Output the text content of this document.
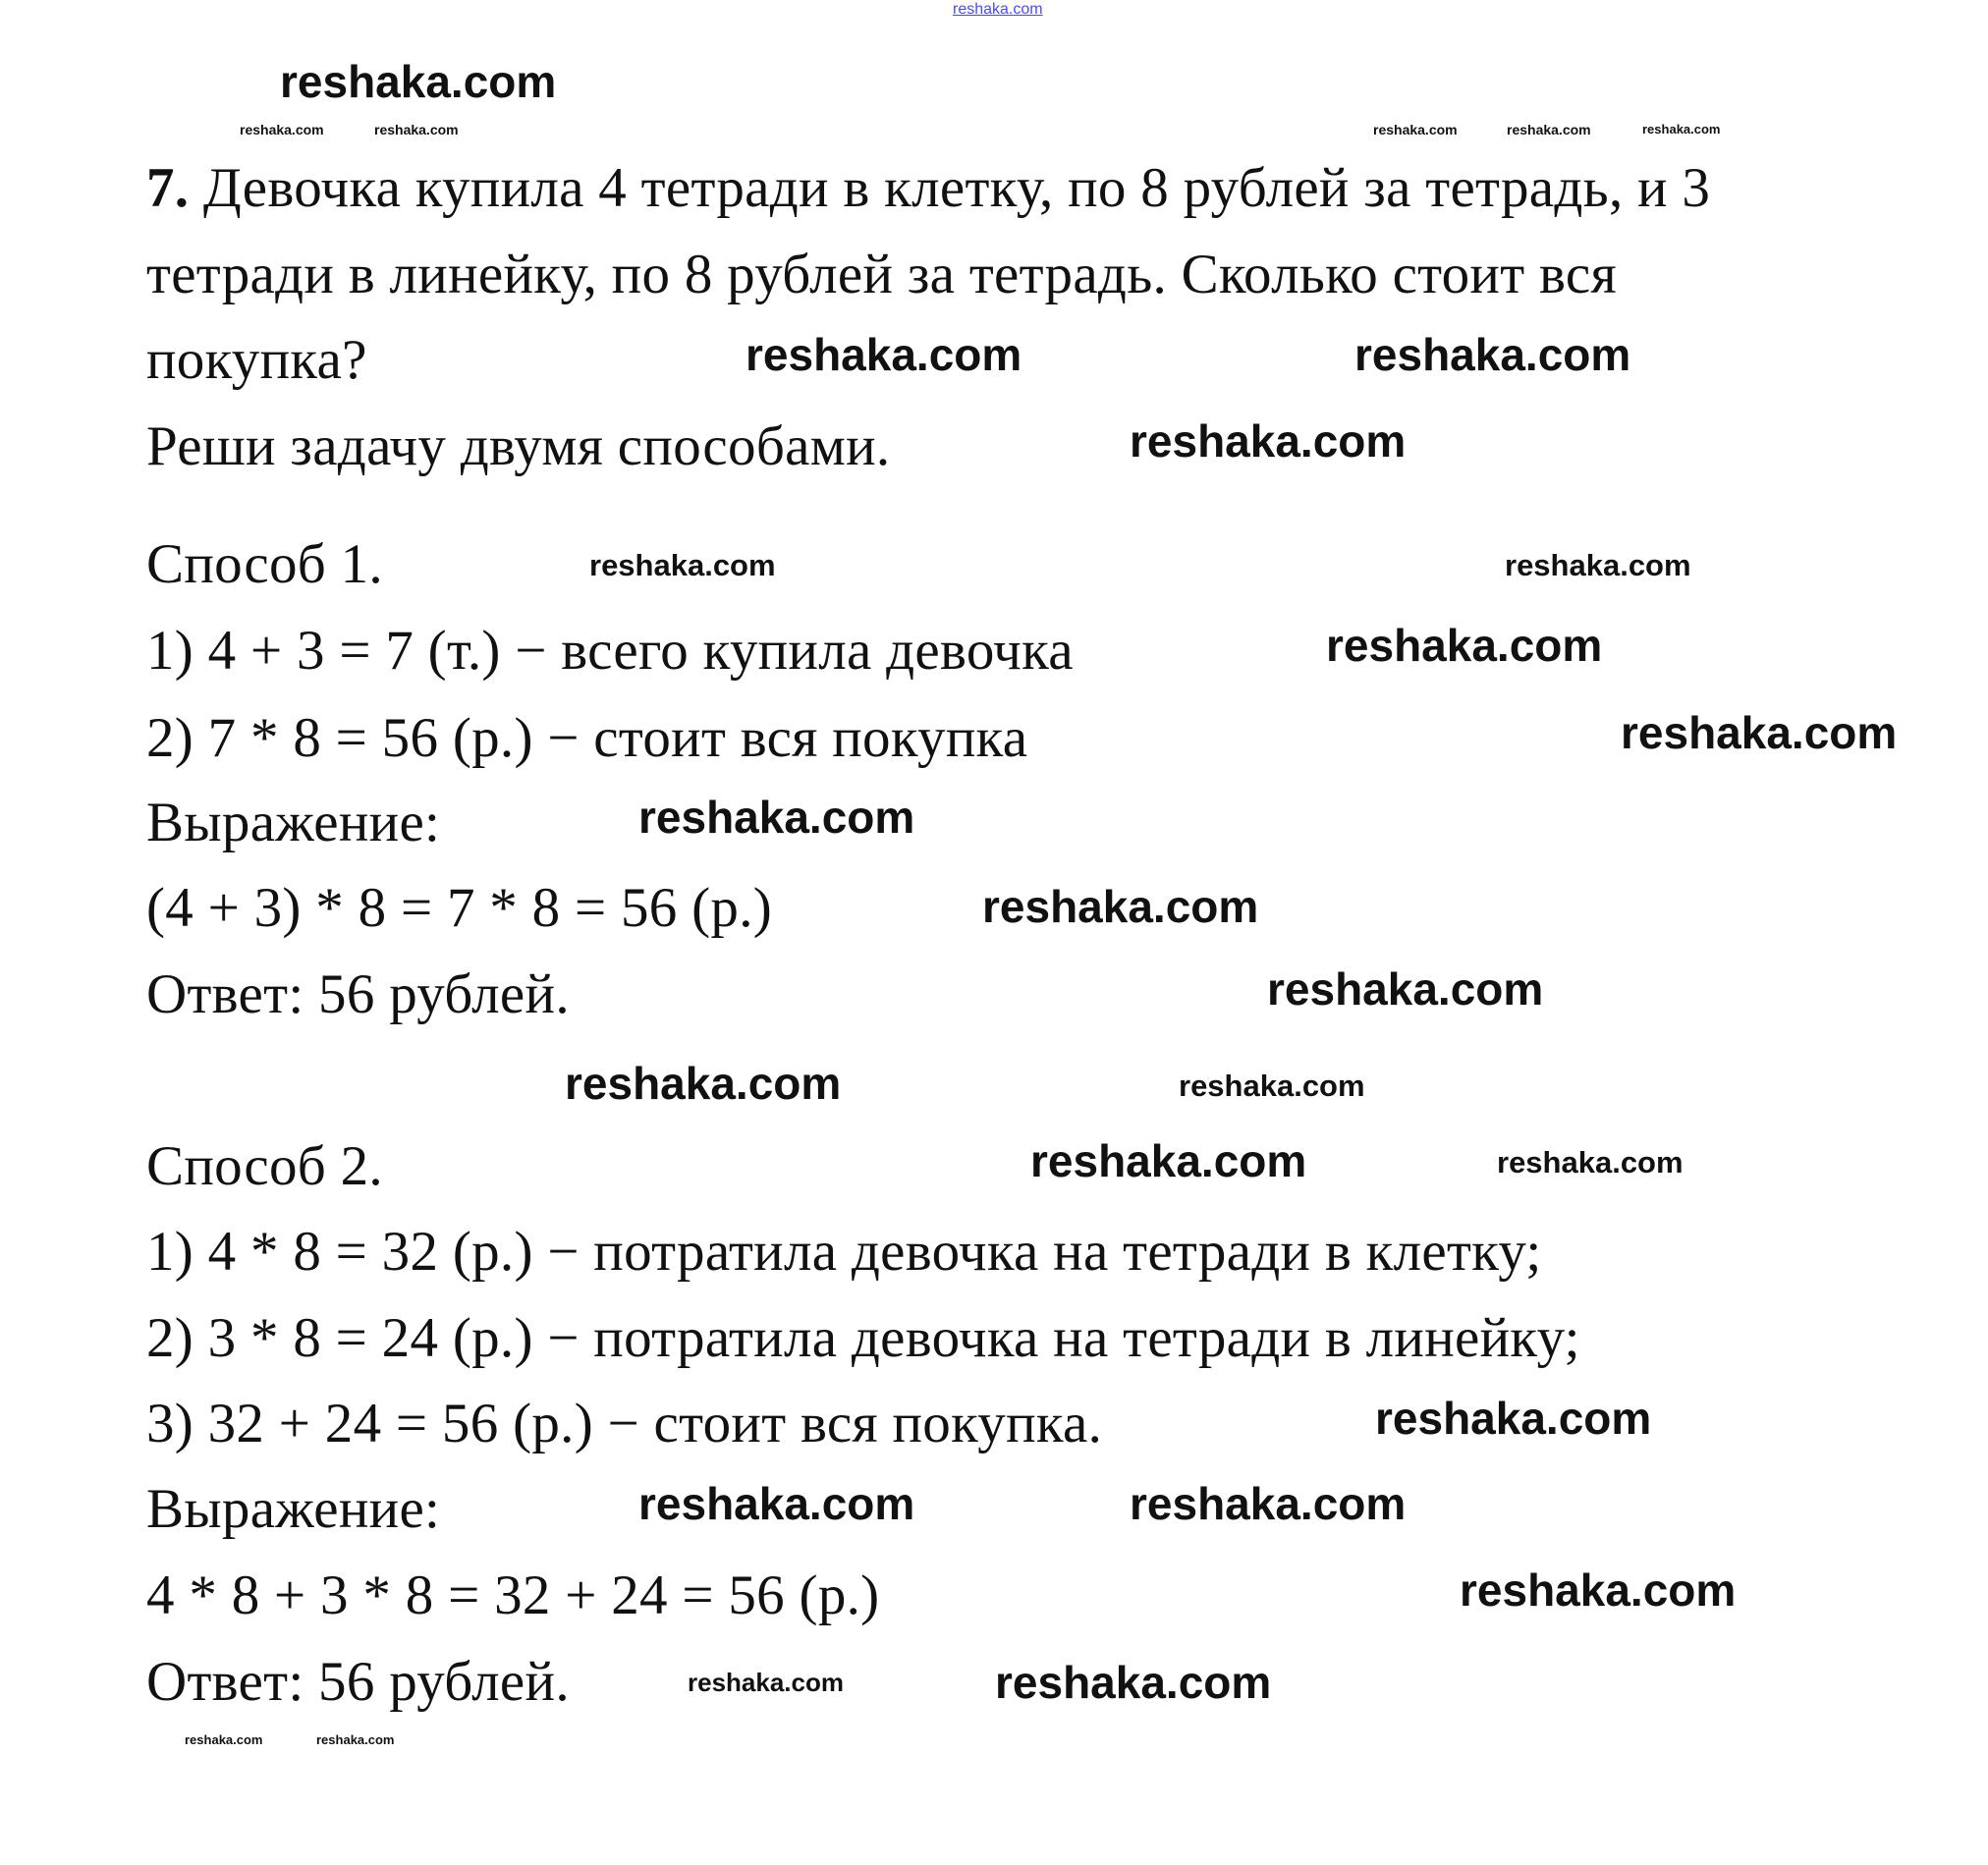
reshaka.com
7. Девочка купила 4 тетради в клетку, по 8 рублей за тетрадь, и 3
тетради в линейку, по 8 рублей за тетрадь. Сколько стоит вся
покупка?
Реши задачу двумя способами.
Способ 1.
1) 4 + 3 = 7 (т.) − всего купила девочка
2) 7 * 8 = 56 (р.) − стоит вся покупка
Выражение:
(4 + 3) * 8 = 7 * 8 = 56 (р.)
Ответ: 56 рублей.
Способ 2.
1) 4 * 8 = 32 (р.) − потратила девочка на тетради в клетку;
2) 3 * 8 = 24 (р.) − потратила девочка на тетради в линейку;
3) 32 + 24 = 56 (р.) − стоит вся покупка.
Выражение:
4 * 8 + 3 * 8 = 32 + 24 = 56 (р.)
Ответ: 56 рублей.
reshaka.com	reshaka.com
reshaka.com
reshaka.com
reshaka.com
reshaka.com
reshaka.com
reshaka.com
reshaka.com
reshaka.com
reshaka.com
reshaka.com
reshaka.com	reshaka.com
reshaka.com
reshaka.com
reshaka.com	reshaka.com
reshaka.com
reshaka.com	reshaka.com
reshaka.com	reshaka.com	reshaka.com	reshaka.com	reshaka.com
reshaka.com	reshaka.com
